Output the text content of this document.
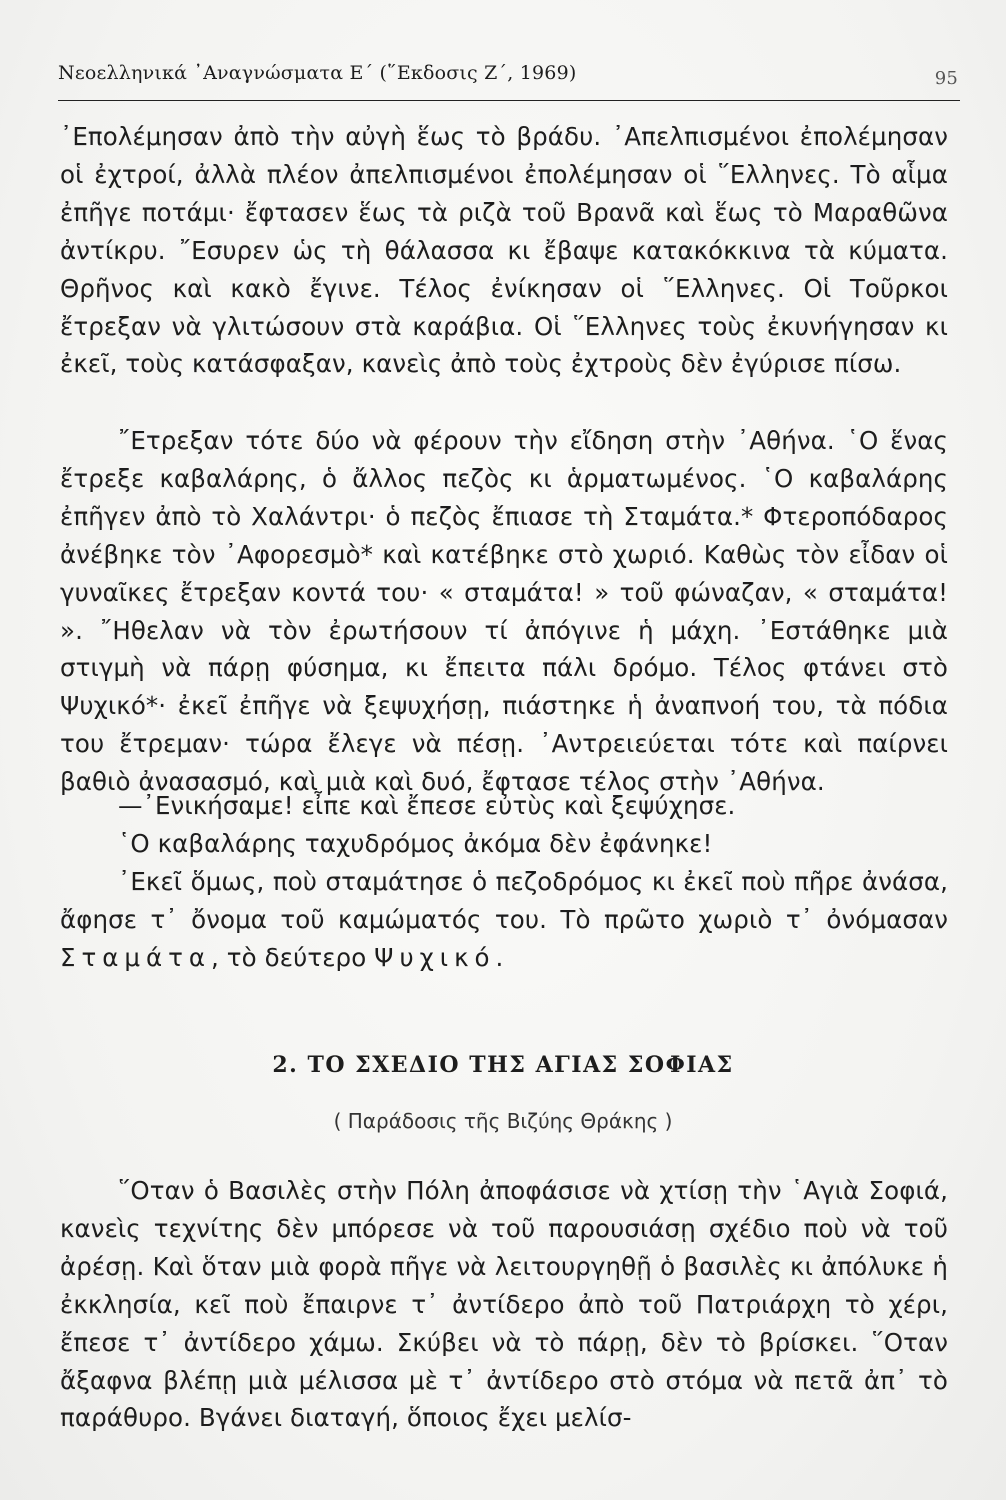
Νεοελληνικά ᾿Αναγνώσματα Ε΄ (῞Εκδοσις Ζ΄, 1969)	95

᾿Επολέμησαν ἀπὸ τὴν αὐγὴ ἕως τὸ βράδυ. ᾿Απελπισμένοι ἐπολέμησαν οἱ ἐχτροί, ἀλλὰ πλέον ἀπελπισμένοι ἐπολέμησαν οἱ ῞Ελληνες. Τὸ αἷμα ἐπῆγε ποτάμι· ἔφτασεν ἕως τὰ ριζὰ τοῦ Βρανᾶ καὶ ἕως τὸ Μαραθῶνα ἀντίκρυ. ῎Εσυρεν ὡς τὴ θάλασσα κι ἔβαψε κατακόκκινα τὰ κύματα. Θρῆνος καὶ κακὸ ἔγινε. Τέλος ἐνίκησαν οἱ ῞Ελληνες. Οἱ Τοῦρκοι ἔτρεξαν νὰ γλιτώσουν στὰ καράβια. Οἱ ῞Ελληνες τοὺς ἐκυνήγησαν κι ἐκεῖ, τοὺς κατάσφαξαν, κανεὶς ἀπὸ τοὺς ἐχτροὺς δὲν ἐγύρισε πίσω.

῎Ετρεξαν τότε δύο νὰ φέρουν τὴν εἴδηση στὴν ᾿Αθήνα. ῾Ο ἕνας ἔτρεξε καβαλάρης, ὁ ἄλλος πεζὸς κι ἁρματωμένος. ῾Ο καβαλάρης ἐπῆγεν ἀπὸ τὸ Χαλάντρι· ὁ πεζὸς ἔπιασε τὴ Σταμάτα.* Φτεροπόδαρος ἀνέβηκε τὸν ᾿Αφορεσμὸ* καὶ κατέβηκε στὸ χωριό. Καθὼς τὸν εἶδαν οἱ γυναῖκες ἔτρεξαν κοντά του· « σταμάτα! » τοῦ φώναζαν, « σταμάτα! ». ῎Ηθελαν νὰ τὸν ἐρωτήσουν τί ἀπόγινε ἡ μάχη. ᾿Εστάθηκε μιὰ στιγμὴ νὰ πάρῃ φύσημα, κι ἔπειτα πάλι δρόμο. Τέλος φτάνει στὸ Ψυχικό*· ἐκεῖ ἐπῆγε νὰ ξεψυχήσῃ, πιάστηκε ἡ ἀναπνοή του, τὰ πόδια του ἔτρεμαν· τώρα ἔλεγε νὰ πέσῃ. ᾿Αντρειεύεται τότε καὶ παίρνει βαθιὸ ἀνασασμό, καὶ μιὰ καὶ δυό, ἔφτασε τέλος στὴν ᾿Αθήνα.

—᾿Ενικήσαμε! εἶπε καὶ ἔπεσε εὐτὺς καὶ ξεψύχησε.

῾Ο καβαλάρης ταχυδρόμος ἀκόμα δὲν ἐφάνηκε!

᾿Εκεῖ ὅμως, ποὺ σταμάτησε ὁ πεζοδρόμος κι ἐκεῖ ποὺ πῆρε ἀνάσα, ἄφησε τ᾿ ὄνομα τοῦ καμώματός του. Τὸ πρῶτο χωριὸ τ᾿ ὀνόμασαν Σταμάτα, τὸ δεύτερο Ψυχικό.

2. ΤΟ ΣΧΕΔΙΟ ΤΗΣ ΑΓΙΑΣ ΣΟΦΙΑΣ

( Παράδοσις τῆς Βιζύης Θράκης )

῞Οταν ὁ Βασιλὲς στὴν Πόλη ἀποφάσισε νὰ χτίσῃ τὴν ῾Αγιὰ Σοφιά, κανεὶς τεχνίτης δὲν μπόρεσε νὰ τοῦ παρουσιάσῃ σχέδιο ποὺ νὰ τοῦ ἀρέσῃ. Καὶ ὅταν μιὰ φορὰ πῆγε νὰ λειτουργηθῇ ὁ βασιλὲς κι ἀπόλυκε ἡ ἐκκλησία, κεῖ ποὺ ἔπαιρνε τ᾿ ἀντίδερο ἀπὸ τοῦ Πατριάρχη τὸ χέρι, ἔπεσε τ᾿ ἀντίδερο χάμω. Σκύβει νὰ τὸ πάρῃ, δὲν τὸ βρίσκει. ῞Οταν ἄξαφνα βλέπῃ μιὰ μέλισσα μὲ τ᾿ ἀντίδερο στὸ στόμα νὰ πετᾶ ἀπ᾿ τὸ παράθυρο. Βγάνει διαταγή, ὅποιος ἔχει μελίσ-
